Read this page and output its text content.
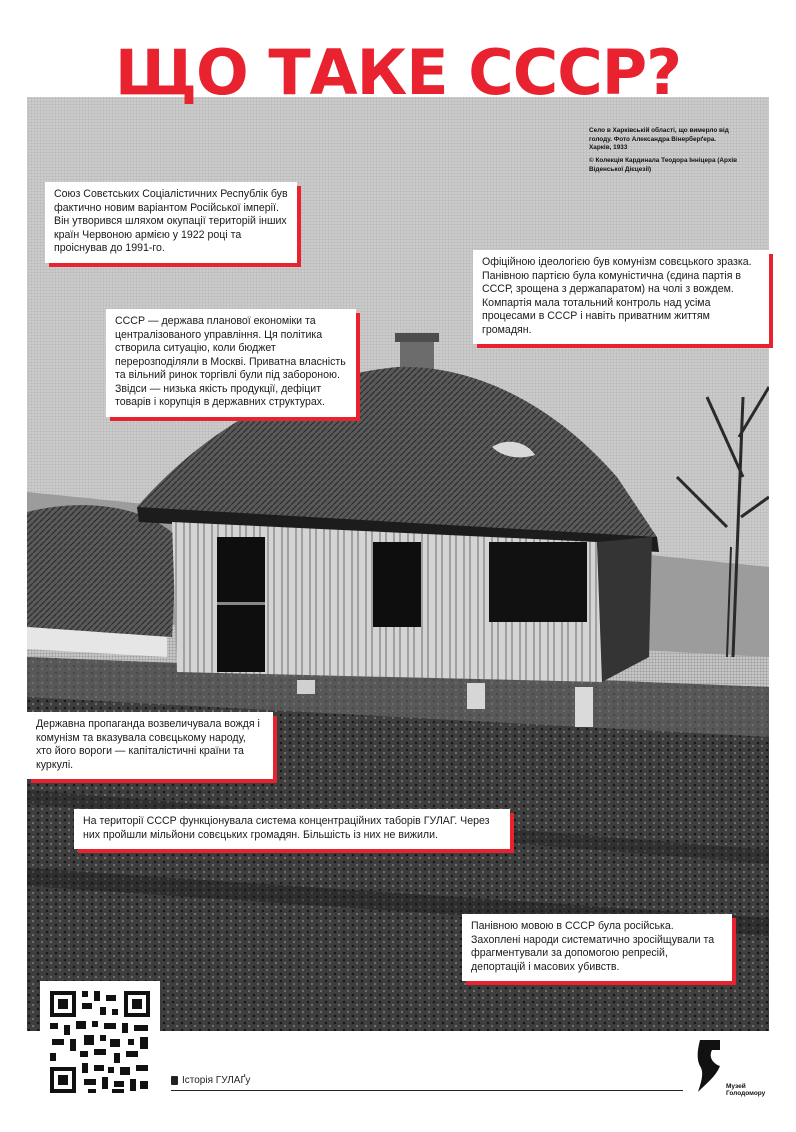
ЩО ТАКЕ СССР?

Село в Харківській області, що вимерло від голоду. Фото Александра Вінерберґера. Харків, 1933

© Колекція Кардинала Теодора Інніцера (Архів Віденської Дієцезії)

Союз Совєтських Соціалістичних Республік був фактично новим варіантом Російської імперії. Він утворився шляхом окупації територій інших країн Червоною армією у 1922 році та проіснував до 1991-го.
Офіційною ідеологією був комунізм совєцького зразка. Панівною партією була комуністична (єдина партія в СССР, зрощена з держапаратом) на чолі з вождем. Компартія мала тотальний контроль над усіма процесами в СССР і навіть приватним життям громадян.
СССР — держава планової економіки та централізованого управління. Ця політика створила ситуацію, коли бюджет перерозподіляли в Москві. Приватна власність та вільний ринок торгівлі були під забороною. Звідси — низька якість продукції, дефіцит товарів і корупція в державних структурах.
Державна пропаганда возвеличувала вождя і комунізм та вказувала совєцькому народу, хто його вороги — капіталістичні країни та куркулі.
На території СССР функціонувала система концентраційних таборів ГУЛАГ. Через них пройшли мільйони совєцьких громадян. Більшість із них не вижили.
Панівною мовою в СССР була російська. Захоплені народи систематично зросійщували та фрагментували за допомогою репресій, депортацій і масових убивств.
Історія ГУЛАҐу
Музей
Голодомору
